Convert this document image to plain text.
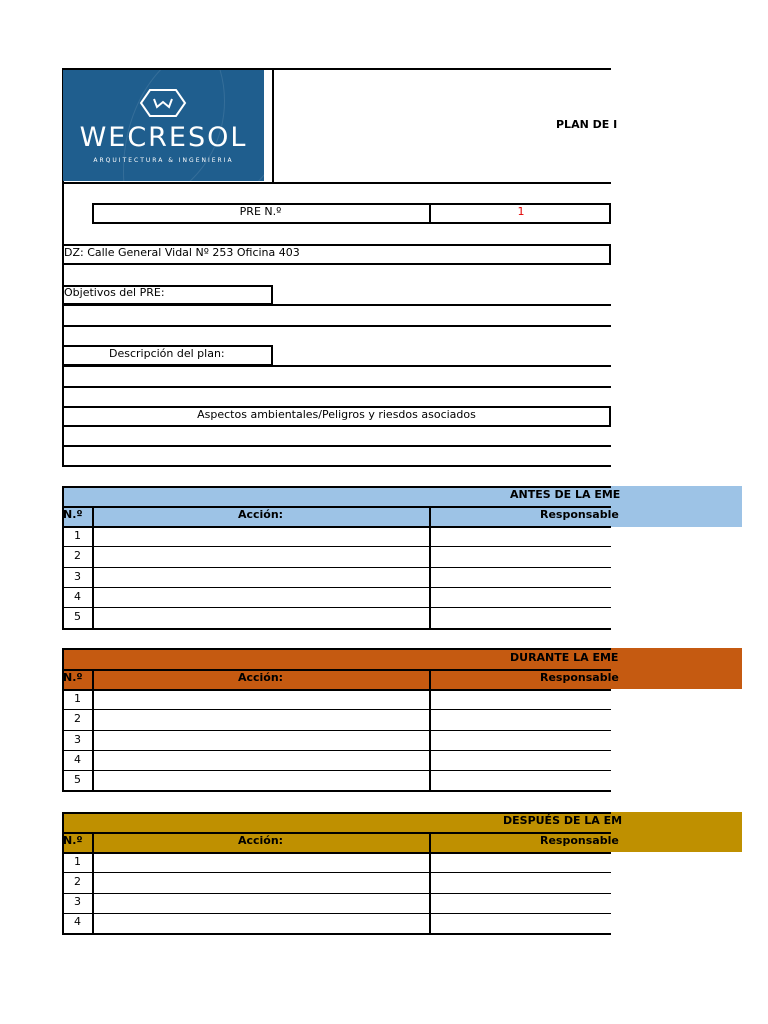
WECRESOL
ARQUITECTURA & INGENIERIA
PLAN DE I
PRE N.º	1
DZ: Calle General Vidal Nº 253 Oficina 403
Objetivos del PRE:
Descripción del plan:
Aspectos ambientales/Peligros y riesdos asociados
ANTES DE LA EME
N.º	Acción:	Responsable
1
2
3
4
5
DURANTE LA EME
N.º	Acción:	Responsable
1
2
3
4
5
DESPUÉS DE LA EM
N.º	Acción:	Responsable
1
2
3
4
